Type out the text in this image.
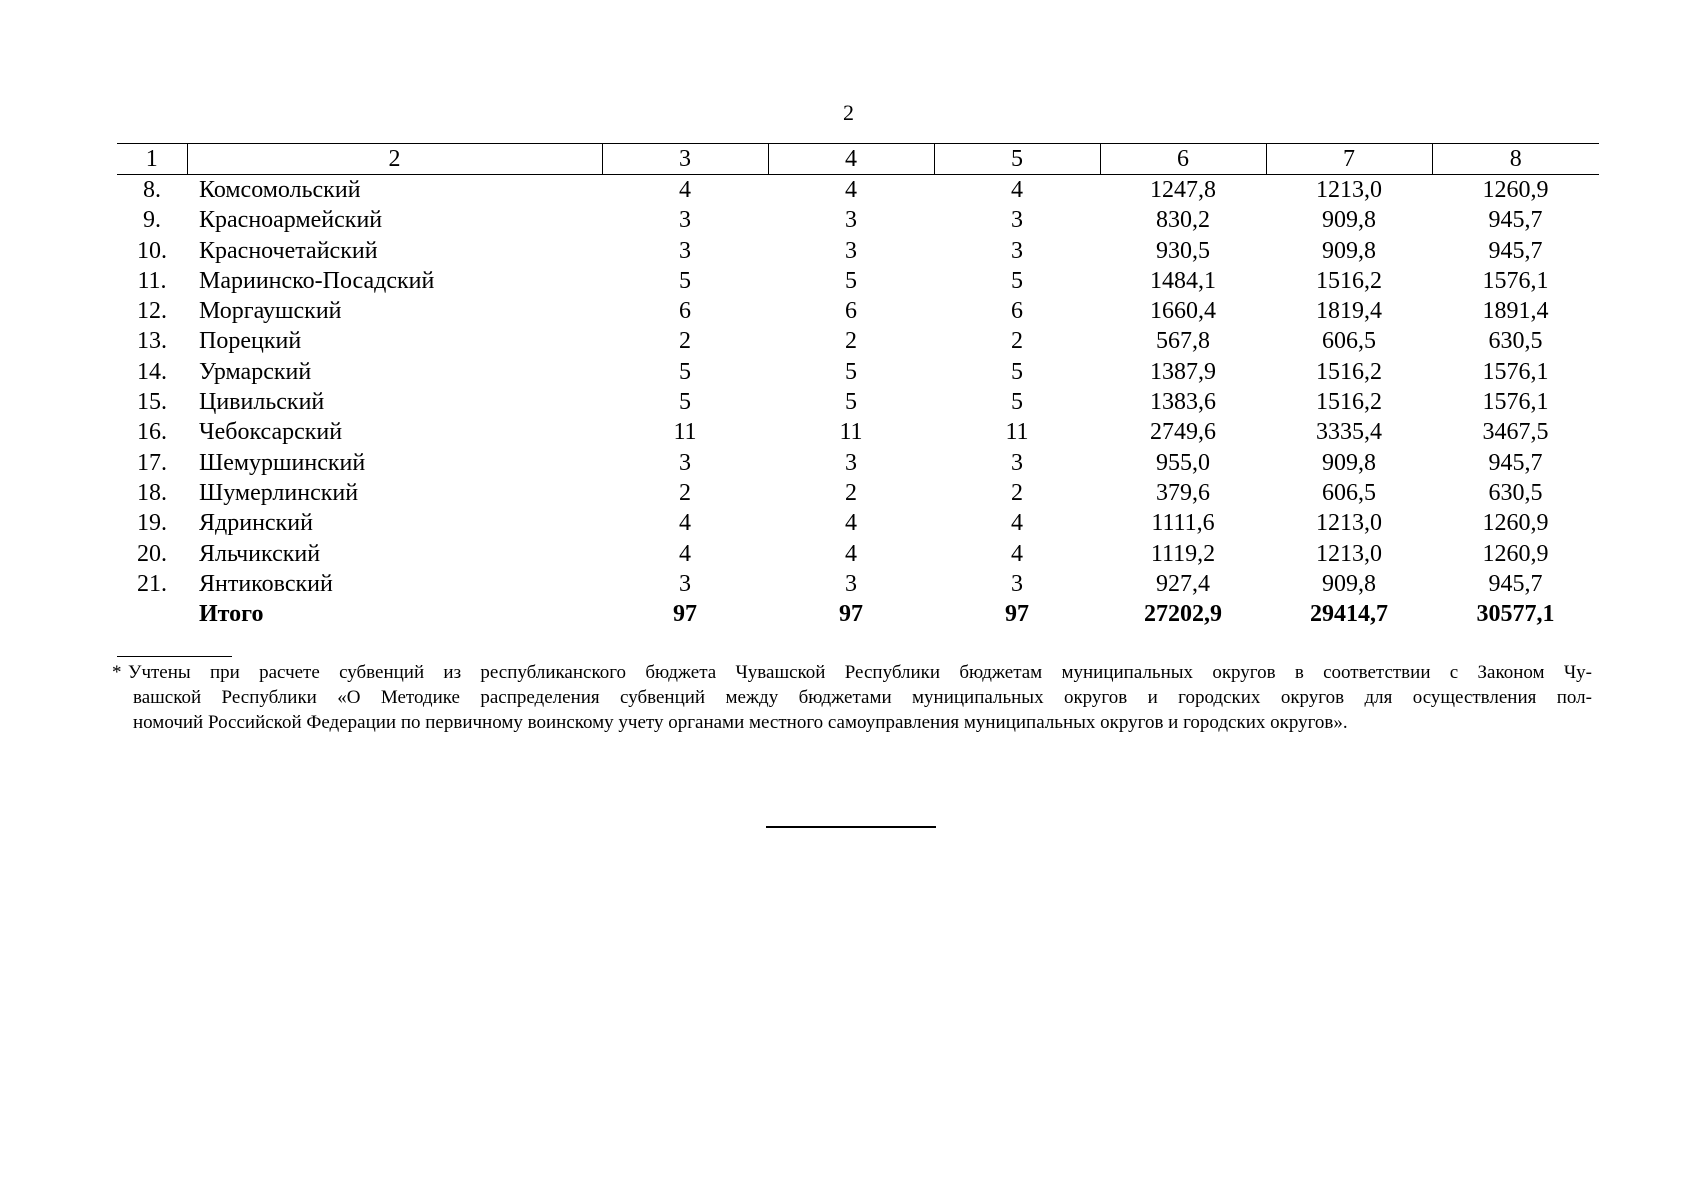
2
1	2	3	4	5	6	7	8
8.	Комсомольский	4	4	4	1247,8	1213,0	1260,9
9.	Красноармейский	3	3	3	830,2	909,8	945,7
10.	Красночетайский	3	3	3	930,5	909,8	945,7
11.	Мариинско-Посадский	5	5	5	1484,1	1516,2	1576,1
12.	Моргаушский	6	6	6	1660,4	1819,4	1891,4
13.	Порецкий	2	2	2	567,8	606,5	630,5
14.	Урмарский	5	5	5	1387,9	1516,2	1576,1
15.	Цивильский	5	5	5	1383,6	1516,2	1576,1
16.	Чебоксарский	11	11	11	2749,6	3335,4	3467,5
17.	Шемуршинский	3	3	3	955,0	909,8	945,7
18.	Шумерлинский	2	2	2	379,6	606,5	630,5
19.	Ядринский	4	4	4	1111,6	1213,0	1260,9
20.	Яльчикский	4	4	4	1119,2	1213,0	1260,9
21.	Янтиковский	3	3	3	927,4	909,8	945,7
	Итого	97	97	97	27202,9	29414,7	30577,1
* Учтены при расчете субвенций из республиканского бюджета Чувашской Республики бюджетам муниципальных округов в соответствии с Законом Чу-
вашской Республики «О Методике распределения субвенций между бюджетами муниципальных округов и городских округов для осуществления пол-
номочий Российской Федерации по первичному воинскому учету органами местного самоуправления муниципальных округов и городских округов».
